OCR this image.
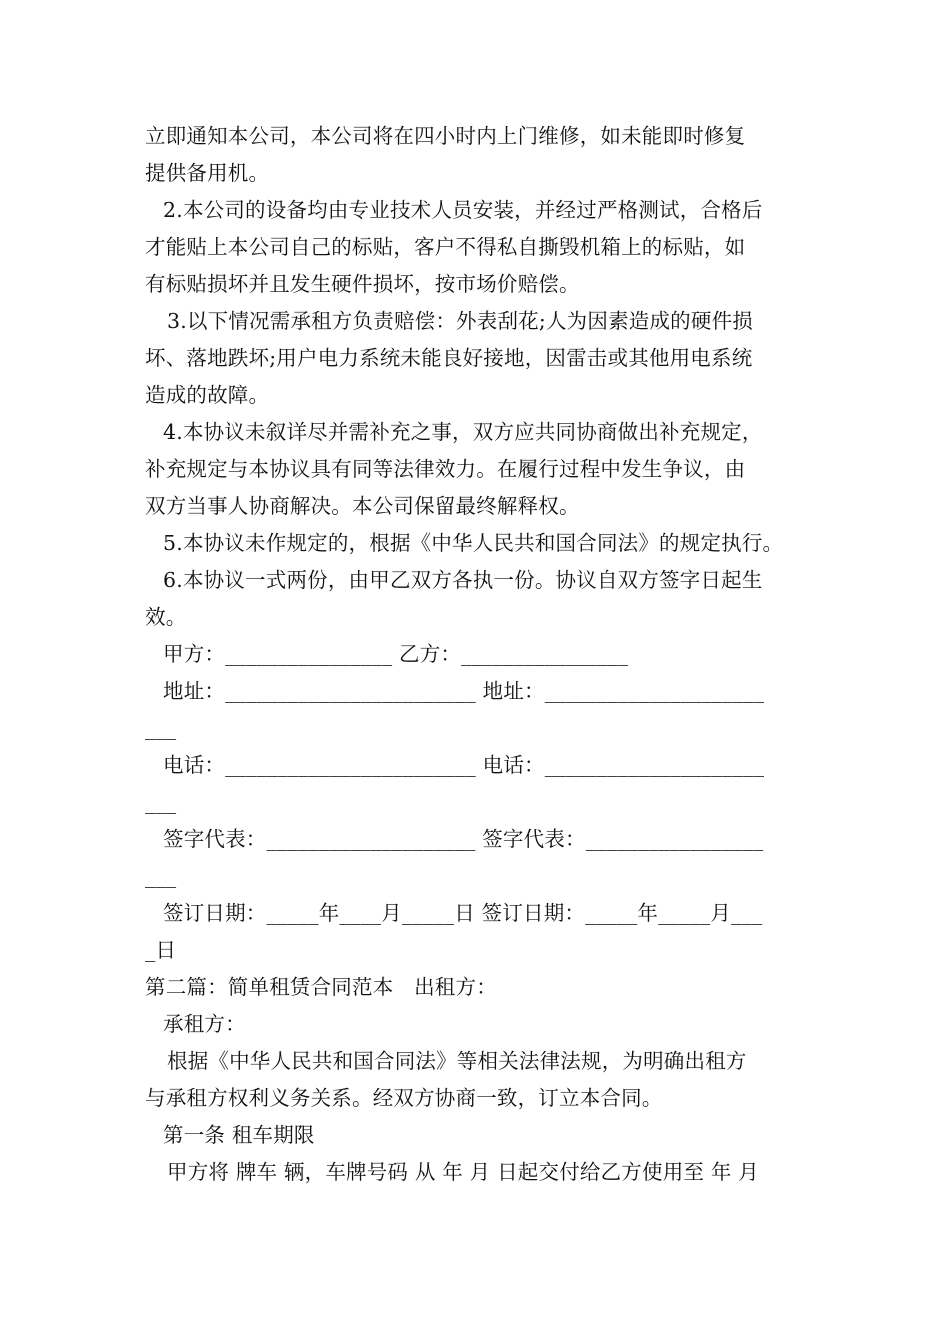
立即通知本公司，本公司将在四小时内上门维修，如未能即时修复
提供备用机。
2.本公司的设备均由专业技术人员安装，并经过严格测试，合格后
才能贴上本公司自己的标贴，客户不得私自撕毁机箱上的标贴，如
有标贴损坏并且发生硬件损坏，按市场价赔偿。
3.以下情况需承租方负责赔偿：外表刮花;人为因素造成的硬件损
坏、落地跌坏;用户电力系统未能良好接地，因雷击或其他用电系统
造成的故障。
4.本协议未叙详尽并需补充之事，双方应共同协商做出补充规定，
补充规定与本协议具有同等法律效力。在履行过程中发生争议，由
双方当事人协商解决。本公司保留最终解释权。
5.本协议未作规定的，根据《中华人民共和国合同法》的规定执行。
6.本协议一式两份，由甲乙双方各执一份。协议自双方签字日起生
效。
甲方：________________ 乙方：________________
地址：________________________ 地址：_____________________
___
电话：________________________ 电话：_____________________
___
签字代表：____________________ 签字代表：_________________
___
签订日期：_____年____月_____日 签订日期：_____年_____月___
_日
第二篇：简单租赁合同范本　出租方：
承租方：
根据《中华人民共和国合同法》等相关法律法规，为明确出租方
与承租方权利义务关系。经双方协商一致，订立本合同。
第一条 租车期限
甲方将 牌车 辆，车牌号码 从 年 月 日起交付给乙方使用至 年 月
